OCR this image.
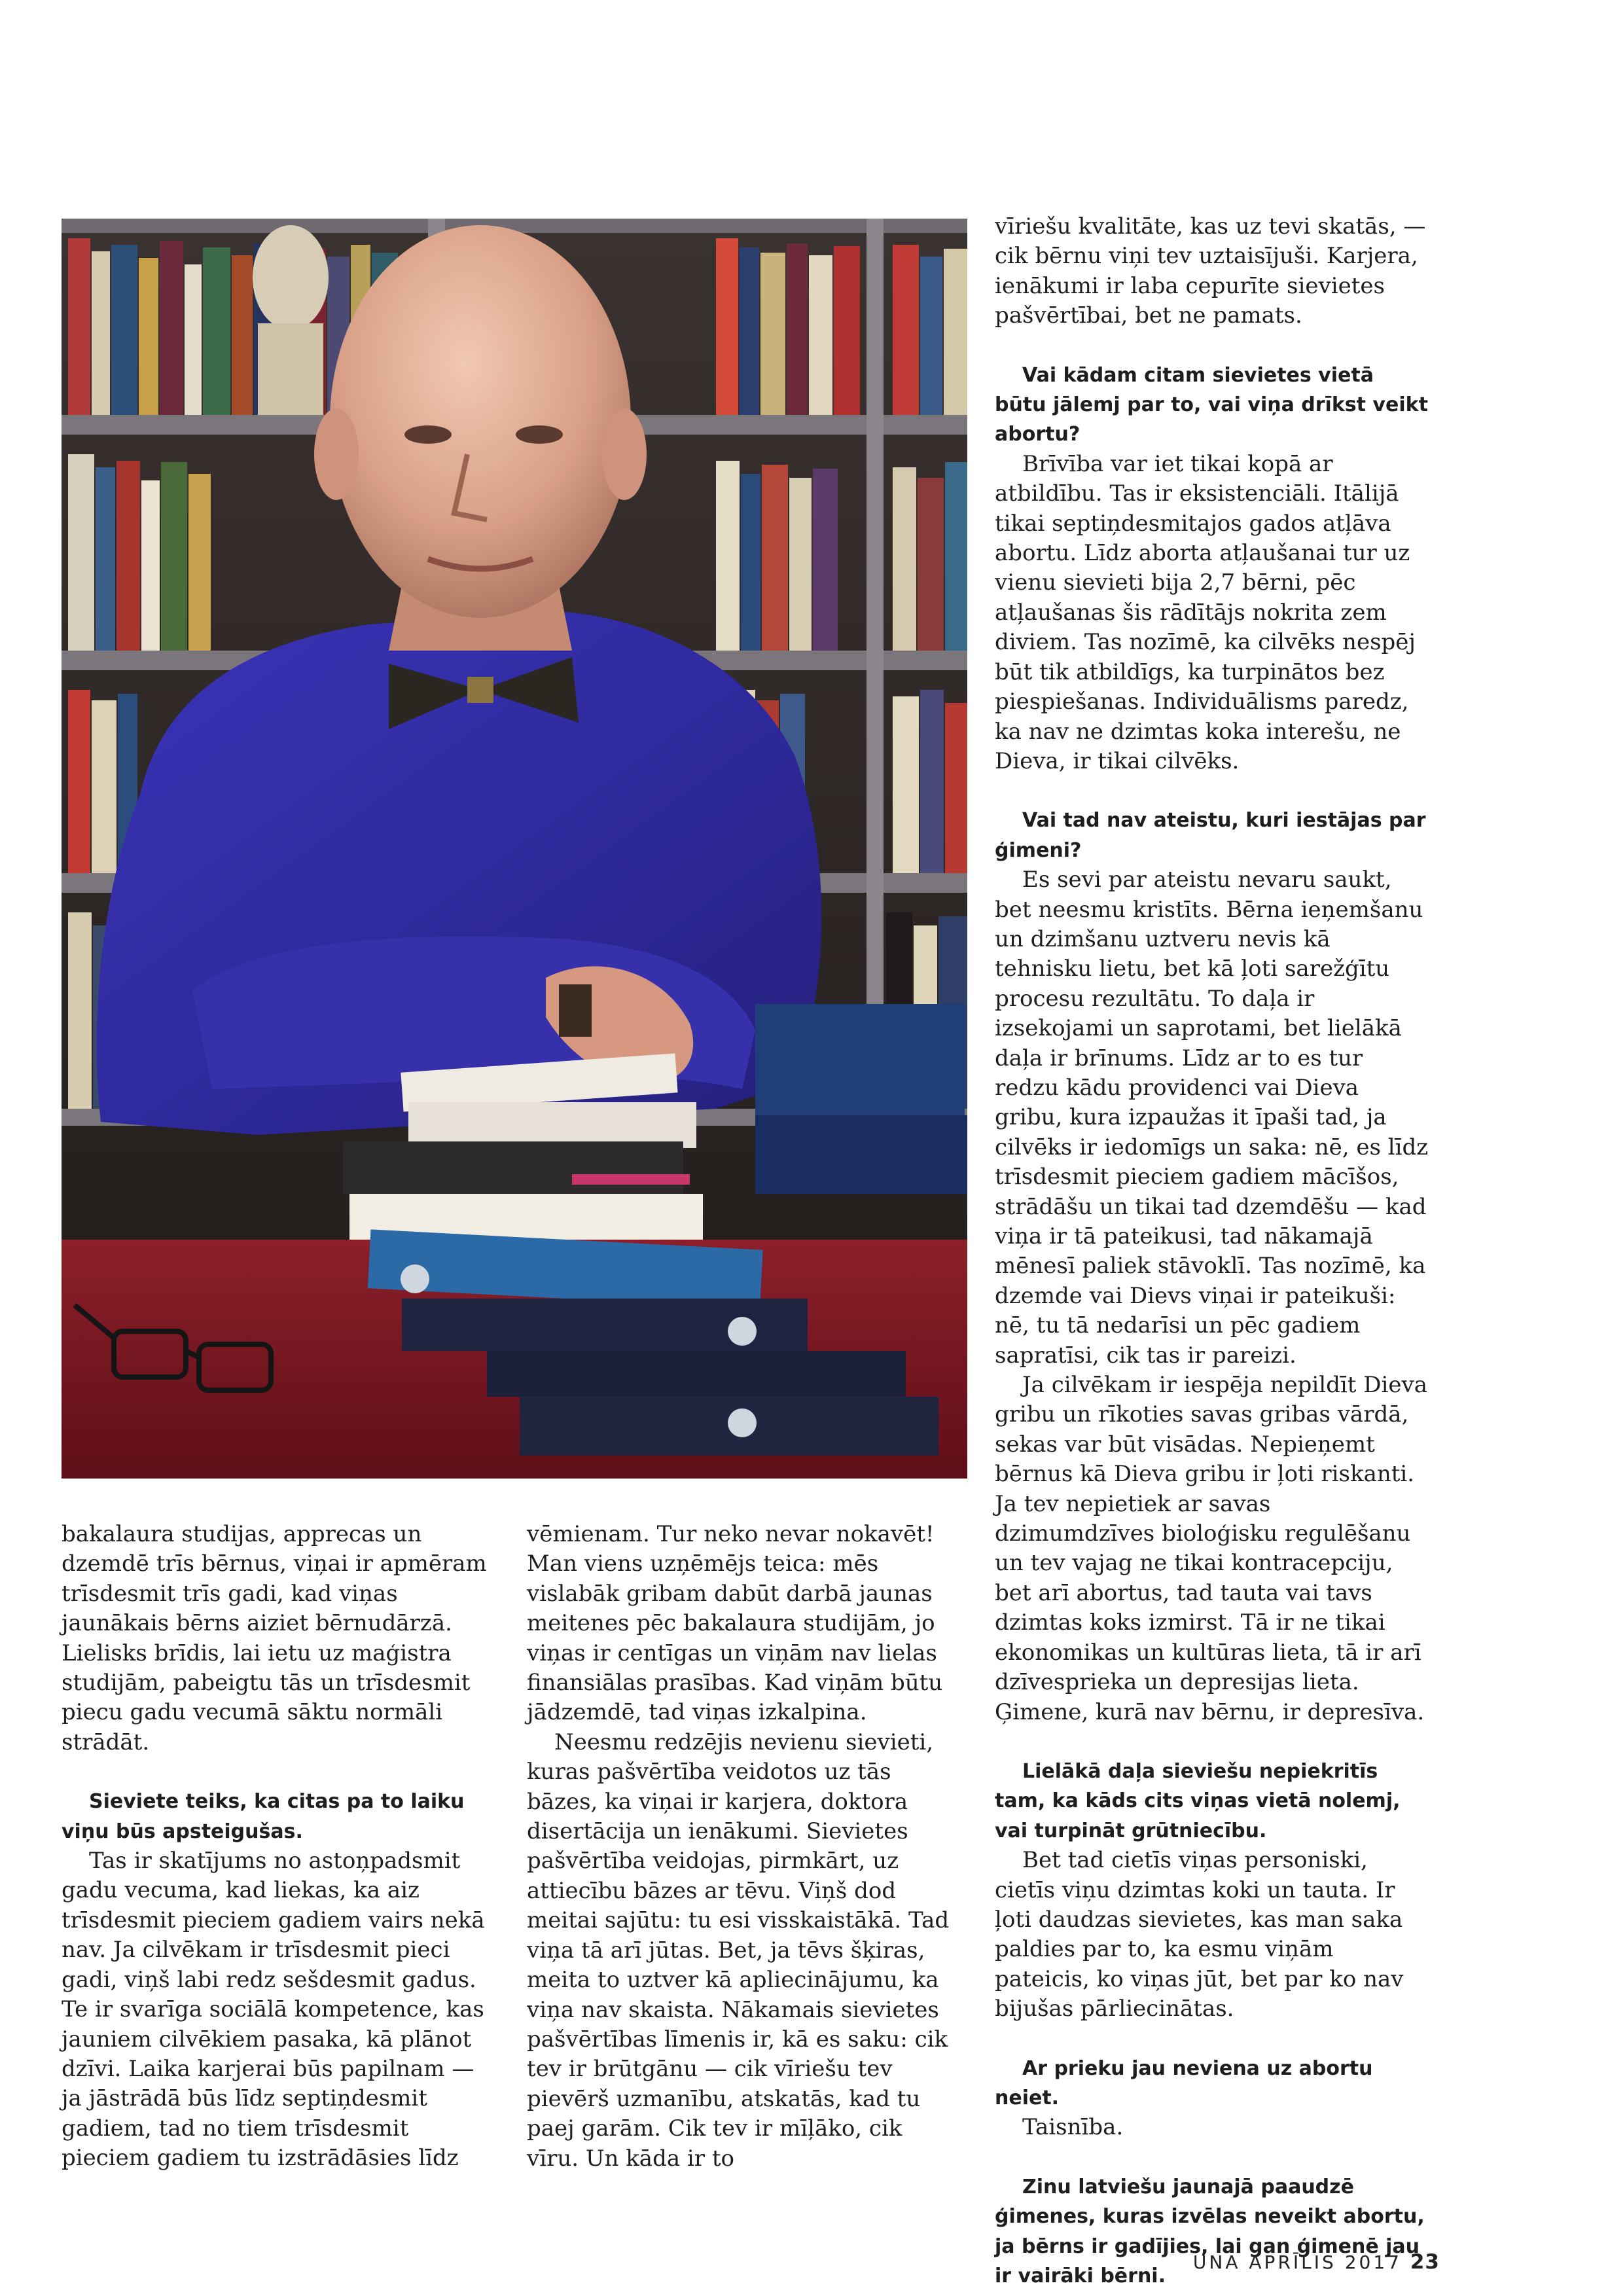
bakalaura studijas, apprecas un dzemdē trīs bērnus, viņai ir apmēram trīsdesmit trīs gadi, kad viņas jaunākais bērns aiziet bērnudārzā. Lielisks brīdis, lai ietu uz maģistra studijām, pabeigtu tās un trīsdesmit piecu gadu vecumā sāktu normāli strādāt.

Sieviete teiks, ka citas pa to laiku viņu būs apsteigušas.

Tas ir skatījums no astoņpadsmit gadu vecuma, kad liekas, ka aiz trīsdesmit pieciem gadiem vairs nekā nav. Ja cilvēkam ir trīsdesmit pieci gadi, viņš labi redz sešdesmit gadus. Te ir svarīga sociālā kompetence, kas jauniem cilvēkiem pasaka, kā plānot dzīvi. Laika karjerai būs papilnam — ja jāstrādā būs līdz septiņdesmit gadiem, tad no tiem trīsdesmit pieciem gadiem tu izstrādāsies līdz

vēmienam. Tur neko nevar nokavēt! Man viens uzņēmējs teica: mēs vislabāk gribam dabūt darbā jaunas meitenes pēc bakalaura studijām, jo viņas ir centīgas un viņām nav lielas finansiālas prasības. Kad viņām būtu jādzemdē, tad viņas izkalpina.

Neesmu redzējis nevienu sievieti, kuras pašvērtība veidotos uz tās bāzes, ka viņai ir karjera, doktora disertācija un ienākumi. Sievietes pašvērtība veidojas, pirmkārt, uz attiecību bāzes ar tēvu. Viņš dod meitai sajūtu: tu esi visskaistākā. Tad viņa tā arī jūtas. Bet, ja tēvs šķiras, meita to uztver kā apliecinājumu, ka viņa nav skaista. Nākamais sievietes pašvērtības līmenis ir, kā es saku: cik tev ir brūtgānu — cik vīriešu tev pievērš uzmanību, atskatās, kad tu paej garām. Cik tev ir mīļāko, cik vīru. Un kāda ir to

vīriešu kvalitāte, kas uz tevi skatās, — cik bērnu viņi tev uztaisījuši. Karjera, ienākumi ir laba cepurīte sievietes pašvērtībai, bet ne pamats.

Vai kādam citam sievietes vietā būtu jālemj par to, vai viņa drīkst veikt abortu?

Brīvība var iet tikai kopā ar atbildību. Tas ir eksistenciāli. Itālijā tikai septiņdesmitajos gados atļāva abortu. Līdz aborta atļaušanai tur uz vienu sievieti bija 2,7 bērni, pēc atļaušanas šis rādītājs nokrita zem diviem. Tas nozīmē, ka cilvēks nespēj būt tik atbildīgs, ka turpinātos bez piespiešanas. Individuālisms paredz, ka nav ne dzimtas koka interešu, ne Dieva, ir tikai cilvēks.

Vai tad nav ateistu, kuri iestājas par ģimeni?

Es sevi par ateistu nevaru saukt, bet neesmu kristīts. Bērna ieņemšanu un dzimšanu uztveru nevis kā tehnisku lietu, bet kā ļoti sarežģītu procesu rezultātu. To daļa ir izsekojami un saprotami, bet lielākā daļa ir brīnums. Līdz ar to es tur redzu kādu providenci vai Dieva gribu, kura izpaužas it īpaši tad, ja cilvēks ir iedomīgs un saka: nē, es līdz trīsdesmit pieciem gadiem mācīšos, strādāšu un tikai tad dzemdēšu — kad viņa ir tā pateikusi, tad nākamajā mēnesī paliek stāvoklī. Tas nozīmē, ka dzemde vai Dievs viņai ir pateikuši: nē, tu tā nedarīsi un pēc gadiem sapratīsi, cik tas ir pareizi.

Ja cilvēkam ir iespēja nepildīt Dieva gribu un rīkoties savas gribas vārdā, sekas var būt visādas. Nepieņemt bērnus kā Dieva gribu ir ļoti riskanti. Ja tev nepietiek ar savas dzimumdzīves bioloģisku regulēšanu un tev vajag ne tikai kontracepciju, bet arī abortus, tad tauta vai tavs dzimtas koks izmirst. Tā ir ne tikai ekonomikas un kultūras lieta, tā ir arī dzīvesprieka un depresijas lieta. Ģimene, kurā nav bērnu, ir depresīva.

Lielākā daļa sieviešu nepiekritīs tam, ka kāds cits viņas vietā nolemj, vai turpināt grūtniecību.

Bet tad cietīs viņas personiski, cietīs viņu dzimtas koki un tauta. Ir ļoti daudzas sievietes, kas man saka paldies par to, ka esmu viņām pateicis, ko viņas jūt, bet par ko nav bijušas pārliecinātas.

Ar prieku jau neviena uz abortu neiet.

Taisnība.

Zinu latviešu jaunajā paaudzē ģimenes, kuras izvēlas neveikt abortu, ja bērns ir gadījies, lai gan ģimenē jau ir vairāki bērni.

UNA APRĪLIS 2017 23
